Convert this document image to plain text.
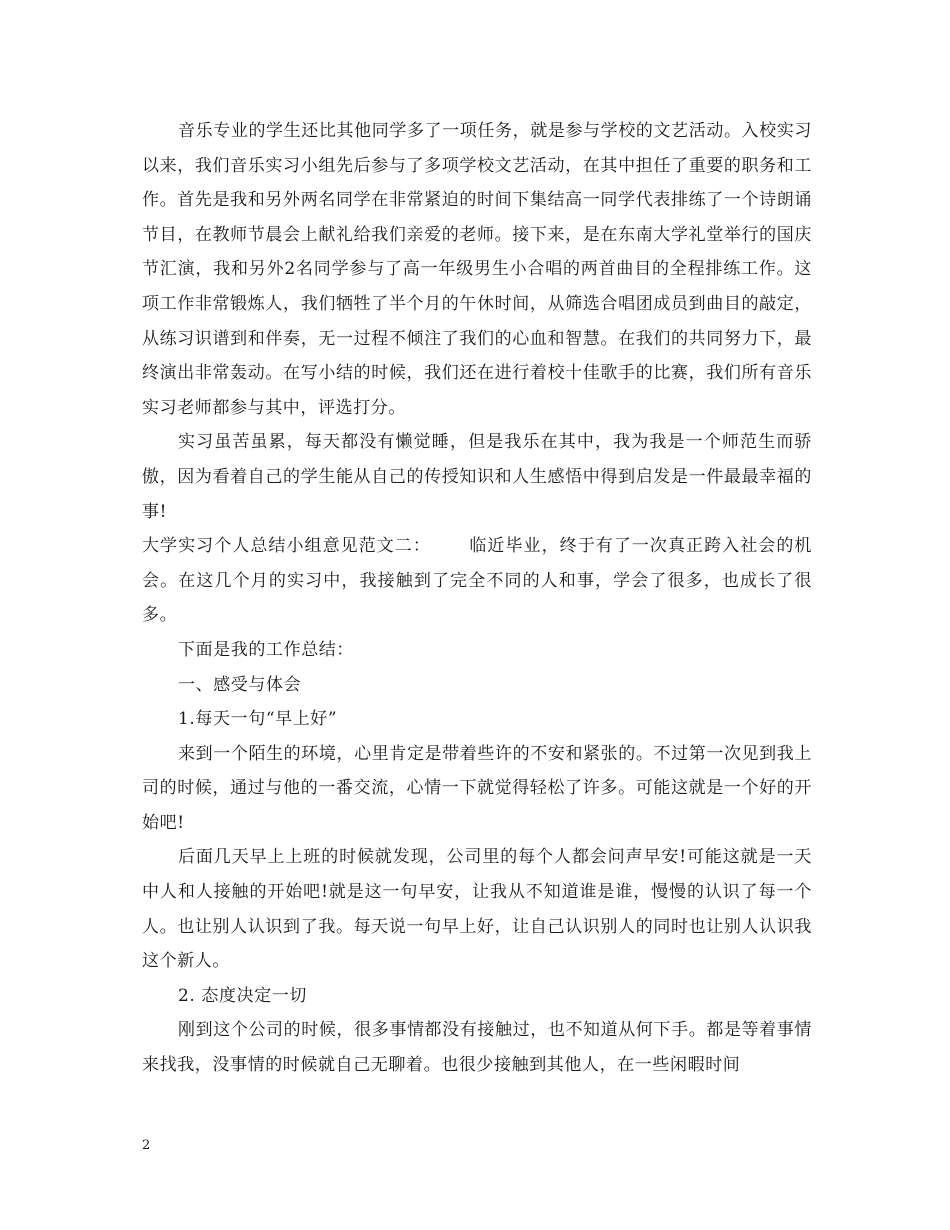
音乐专业的学生还比其他同学多了一项任务，就是参与学校的文艺活动。入校实习以来，我们音乐实习小组先后参与了多项学校文艺活动，在其中担任了重要的职务和工作。首先是我和另外两名同学在非常紧迫的时间下集结高一同学代表排练了一个诗朗诵节目，在教师节晨会上献礼给我们亲爱的老师。接下来，是在东南大学礼堂举行的国庆节汇演，我和另外2名同学参与了高一年级男生小合唱的两首曲目的全程排练工作。这项工作非常锻炼人，我们牺牲了半个月的午休时间，从筛选合唱团成员到曲目的敲定，从练习识谱到和伴奏，无一过程不倾注了我们的心血和智慧。在我们的共同努力下，最终演出非常轰动。在写小结的时候，我们还在进行着校十佳歌手的比赛，我们所有音乐实习老师都参与其中，评选打分。

实习虽苦虽累，每天都没有懒觉睡，但是我乐在其中，我为我是一个师范生而骄傲，因为看着自己的学生能从自己的传授知识和人生感悟中得到启发是一件最最幸福的事!

大学实习个人总结小组意见范文二： 临近毕业，终于有了一次真正跨入社会的机会。在这几个月的实习中，我接触到了完全不同的人和事，学会了很多，也成长了很多。

下面是我的工作总结：

一、感受与体会

1.每天一句“早上好”

来到一个陌生的环境，心里肯定是带着些许的不安和紧张的。不过第一次见到我上司的时候，通过与他的一番交流，心情一下就觉得轻松了许多。可能这就是一个好的开始吧!

后面几天早上上班的时候就发现，公司里的每个人都会问声早安!可能这就是一天中人和人接触的开始吧!就是这一句早安，让我从不知道谁是谁，慢慢的认识了每一个人。也让别人认识到了我。每天说一句早上好，让自己认识别人的同时也让别人认识我这个新人。

2. 态度决定一切

刚到这个公司的时候，很多事情都没有接触过，也不知道从何下手。都是等着事情来找我，没事情的时候就自己无聊着。也很少接触到其他人，在一些闲暇时间

2
